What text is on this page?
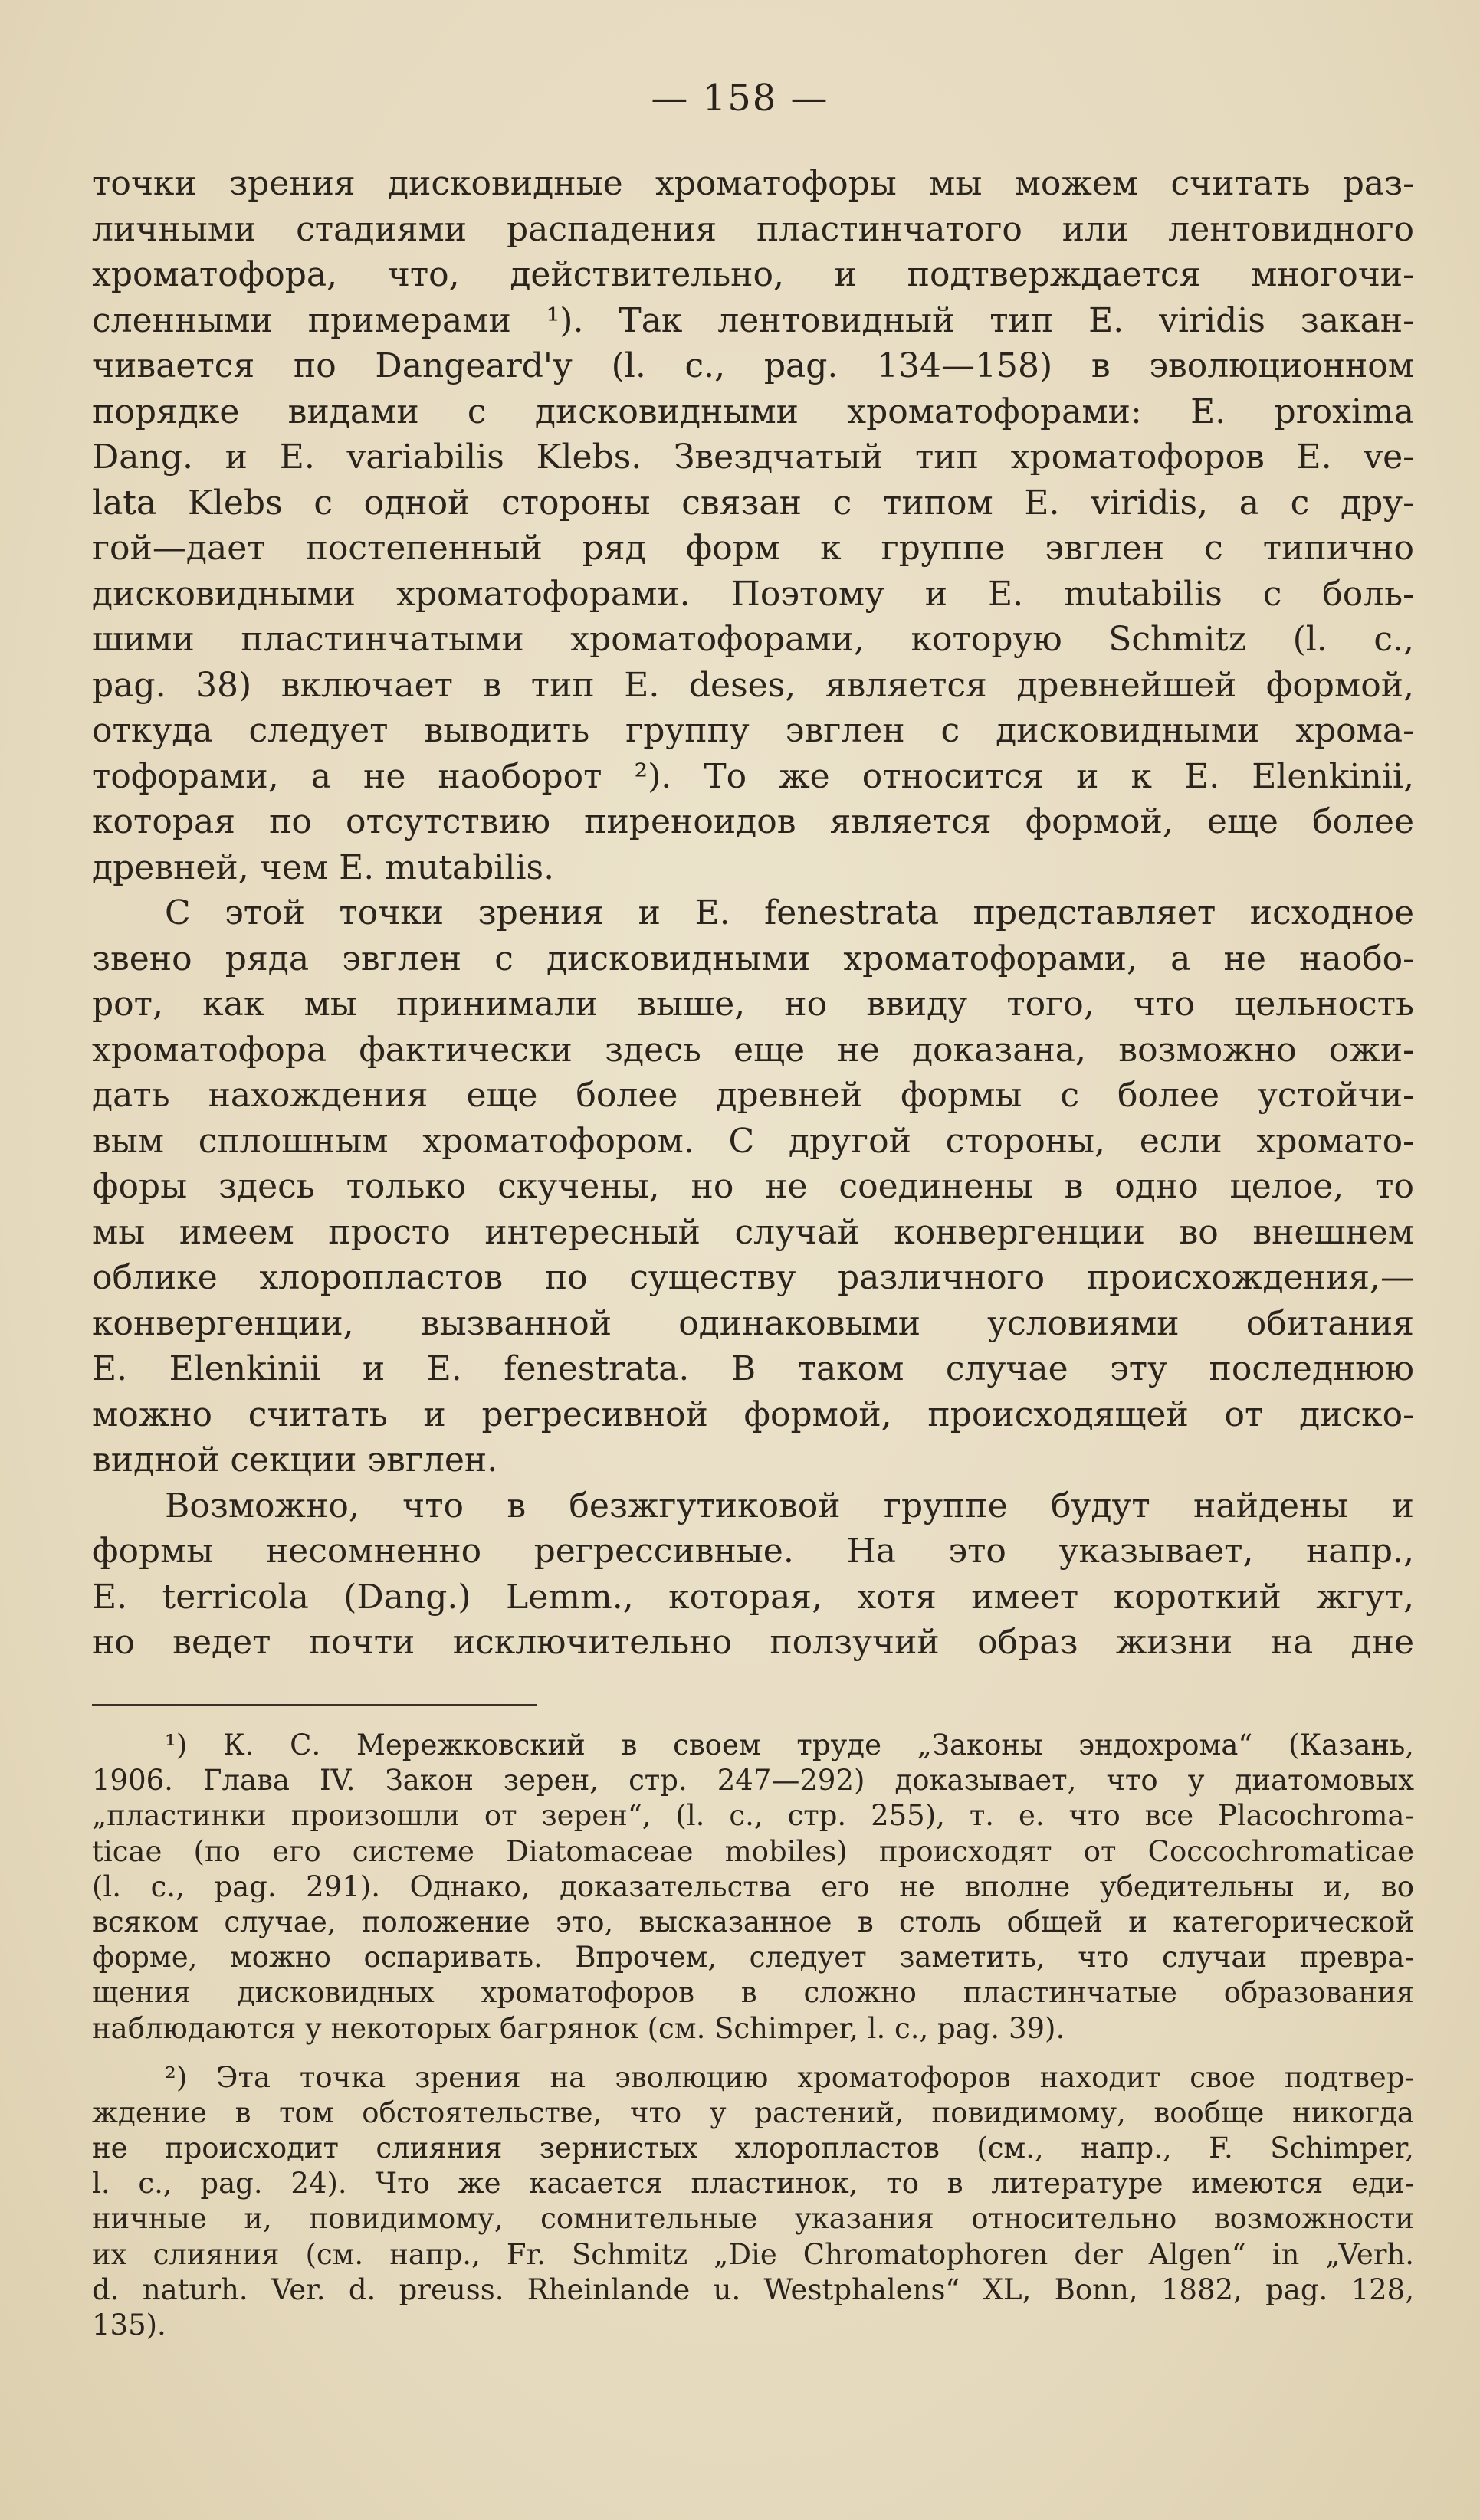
— 158 —
точки зрения дисковидные хроматофоры мы можем считать раз-
личными стадиями распадения пластинчатого или лентовидного
хроматофора, что, действительно, и подтверждается многочи-
сленными примерами ¹). Так лентовидный тип E. viridis закан-
чивается по Dangeard'у (l. c., pag. 134—158) в эволюционном
порядке видами с дисковидными хроматофорами: E. proxima
Dang. и E. variabilis Klebs. Звездчатый тип хроматофоров E. ve-
lata Klebs с одной стороны связан с типом E. viridis, а с дру-
гой—дает постепенный ряд форм к группе эвглен с типично
дисковидными хроматофорами. Поэтому и E. mutabilis с боль-
шими пластинчатыми хроматофорами, которую Schmitz (l. c.,
pag. 38) включает в тип E. deses, является древнейшей формой,
откуда следует выводить группу эвглен с дисковидными хрома-
тофорами, а не наоборот ²). То же относится и к E. Elenkinii,
которая по отсутствию пиреноидов является формой, еще более
древней, чем E. mutabilis.
С этой точки зрения и E. fenestrata представляет исходное
звено ряда эвглен с дисковидными хроматофорами, а не наобо-
рот, как мы принимали выше, но ввиду того, что цельность
хроматофора фактически здесь еще не доказана, возможно ожи-
дать нахождения еще более древней формы с более устойчи-
вым сплошным хроматофором. С другой стороны, если хромато-
форы здесь только скучены, но не соединены в одно целое, то
мы имеем просто интересный случай конвергенции во внешнем
облике хлоропластов по существу различного происхождения,—
конвергенции, вызванной одинаковыми условиями обитания
E. Elenkinii и E. fenestrata. В таком случае эту последнюю
можно считать и регресивной формой, происходящей от диско-
видной секции эвглен.
Возможно, что в безжгутиковой группе будут найдены и
формы несомненно регрессивные. На это указывает, напр.,
E. terricola (Dang.) Lemm., которая, хотя имеет короткий жгут,
но ведет почти исключительно ползучий образ жизни на дне
¹) К. С. Мережковский в своем труде „Законы эндохрома“ (Казань,
1906. Глава IV. Закон зерен, стр. 247—292) доказывает, что у диатомовых
„пластинки произошли от зерен“, (l. c., стр. 255), т. е. что все Placochroma-
ticae (по его системе Diatomaceae mobiles) происходят от Coccochromaticae
(l. c., pag. 291). Однако, доказательства его не вполне убедительны и, во
всяком случае, положение это, высказанное в столь общей и категорической
форме, можно оспаривать. Впрочем, следует заметить, что случаи превра-
щения дисковидных хроматофоров в сложно пластинчатые образования
наблюдаются у некоторых багрянок (см. Schimper, l. c., pag. 39).
²) Эта точка зрения на эволюцию хроматофоров находит свое подтвер-
ждение в том обстоятельстве, что у растений, повидимому, вообще никогда
не происходит слияния зернистых хлоропластов (см., напр., F. Schimper,
l. c., pag. 24). Что же касается пластинок, то в литературе имеются еди-
ничные и, повидимому, сомнительные указания относительно возможности
их слияния (см. напр., Fr. Schmitz „Die Chromatophoren der Algen“ in „Verh.
d. naturh. Ver. d. preuss. Rheinlande u. Westphalens“ XL, Bonn, 1882, pag. 128,
135).
